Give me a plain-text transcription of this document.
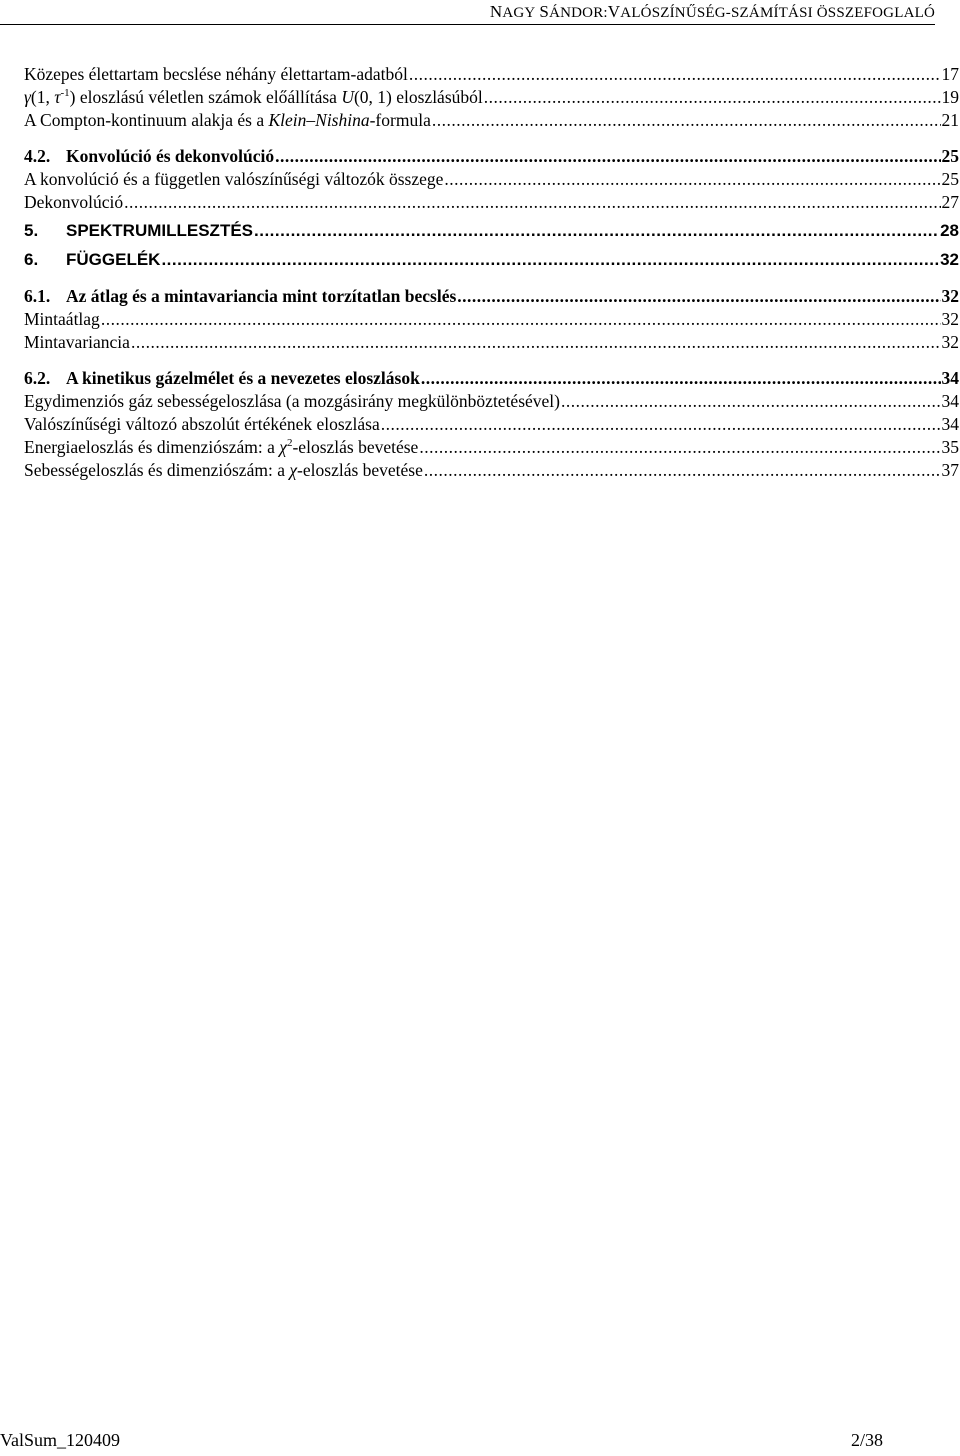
NAGY SÁNDOR:VALÓSZÍNŰSÉG-SZÁMÍTÁSI ÖSSZEFOGLALÓ
Közepes élettartam becslése néhány élettartam-adatból .....	17
γ(1, $\tau^{-1}$) eloszlású véletlen számok előállítása U(0, 1) eloszlásúból .....	19
A Compton-kontinuum alakja és a Klein–Nishina-formula .....	21
4.2. Konvolúció és dekonvolúció .....	25
A konvolúció és a független valószínűségi változók összege .....	25
Dekonvolúció .....	27
5. SPEKTRUMILLESZTÉS .....	28
6. FÜGGELÉK .....	32
6.1. Az átlag és a mintavariancia mint torzítatlan becslés .....	32
Mintaátlag .....	32
Mintavariancia .....	32
6.2. A kinetikus gázelmélet és a nevezetes eloszlások .....	34
Egydimenziós gáz sebességeloszlása (a mozgásirány megkülönböztetésével) .....	34
Valószínűségi változó abszolút értékének eloszlása .....	34
Energiaeloszlás és dimenziószám: a $\chi^2$-eloszlás bevetése .....	35
Sebességeloszlás és dimenziószám: a χ-eloszlás bevetése .....	37
ValSum_120409	2/38
